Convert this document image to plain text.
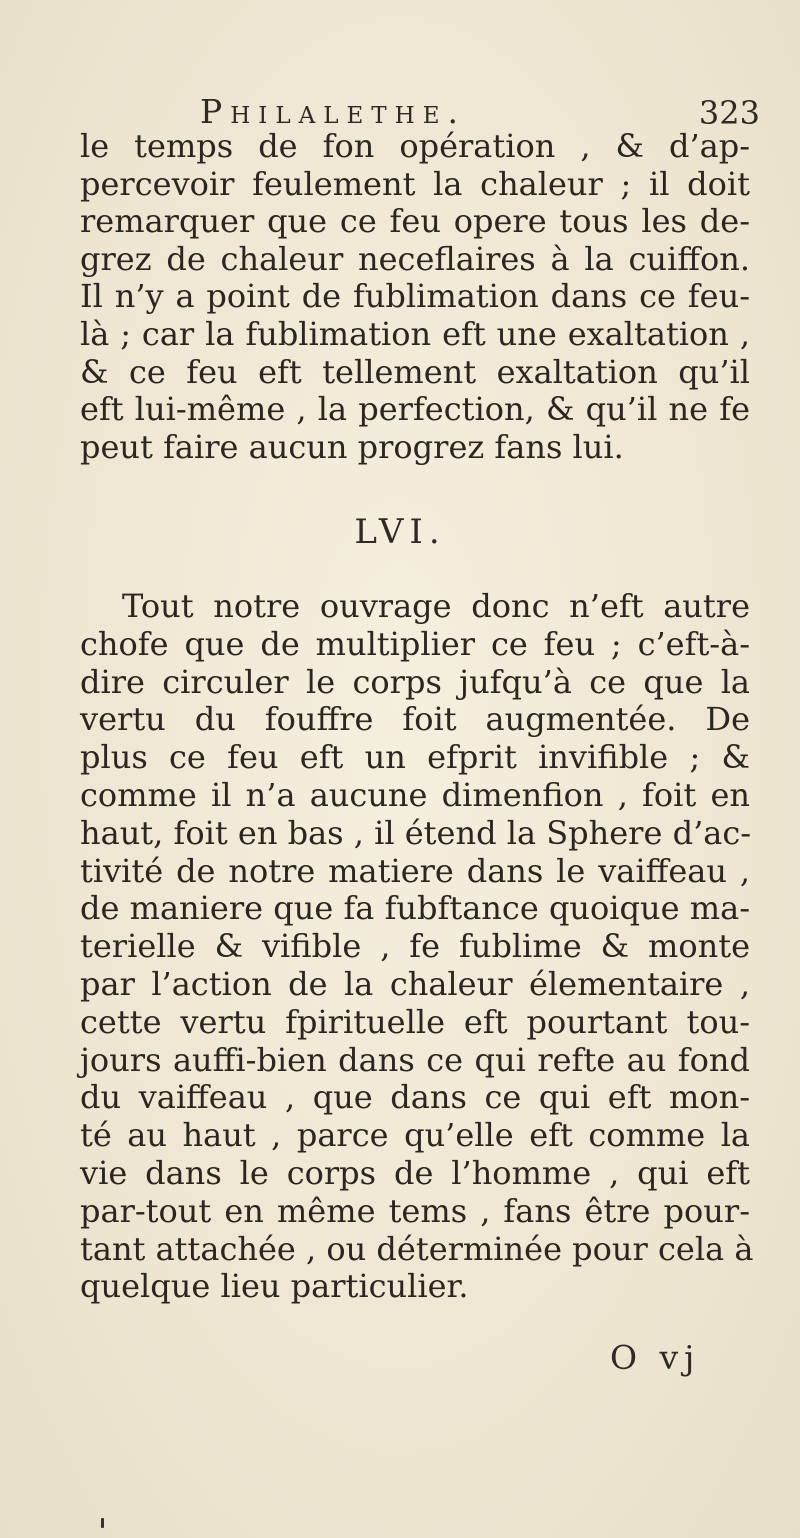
Philalethe.	323
le temps de fon opération , & d’ap-
percevoir feulement la chaleur ; il doit
remarquer que ce feu opere tous les de-
grez de chaleur neceflaires à la cuiffon.
Il n’y a point de fublimation dans ce feu-
là ; car la fublimation eft une exaltation ,
& ce feu eft tellement exaltation qu’il
eft lui-même , la perfection, & qu’il ne fe
peut faire aucun progrez fans lui.
LVI.
Tout notre ouvrage donc n’eft autre
chofe que de multiplier ce feu ; c’eft-à-
dire circuler le corps jufqu’à ce que la
vertu du fouffre foit augmentée. De
plus ce feu eft un efprit invifible ; &
comme il n’a aucune dimenfion , foit en
haut, foit en bas , il étend la Sphere d’ac-
tivité de notre matiere dans le vaiffeau ,
de maniere que fa fubftance quoique ma-
terielle & vifible , fe fublime & monte
par l’action de la chaleur élementaire ,
cette vertu fpirituelle eft pourtant tou-
jours auffi-bien dans ce qui refte au fond
du vaiffeau , que dans ce qui eft mon-
té au haut , parce qu’elle eft comme la
vie dans le corps de l’homme , qui eft
par-tout en même tems , fans être pour-
tant attachée , ou déterminée pour cela à
quelque lieu particulier.
O vj
